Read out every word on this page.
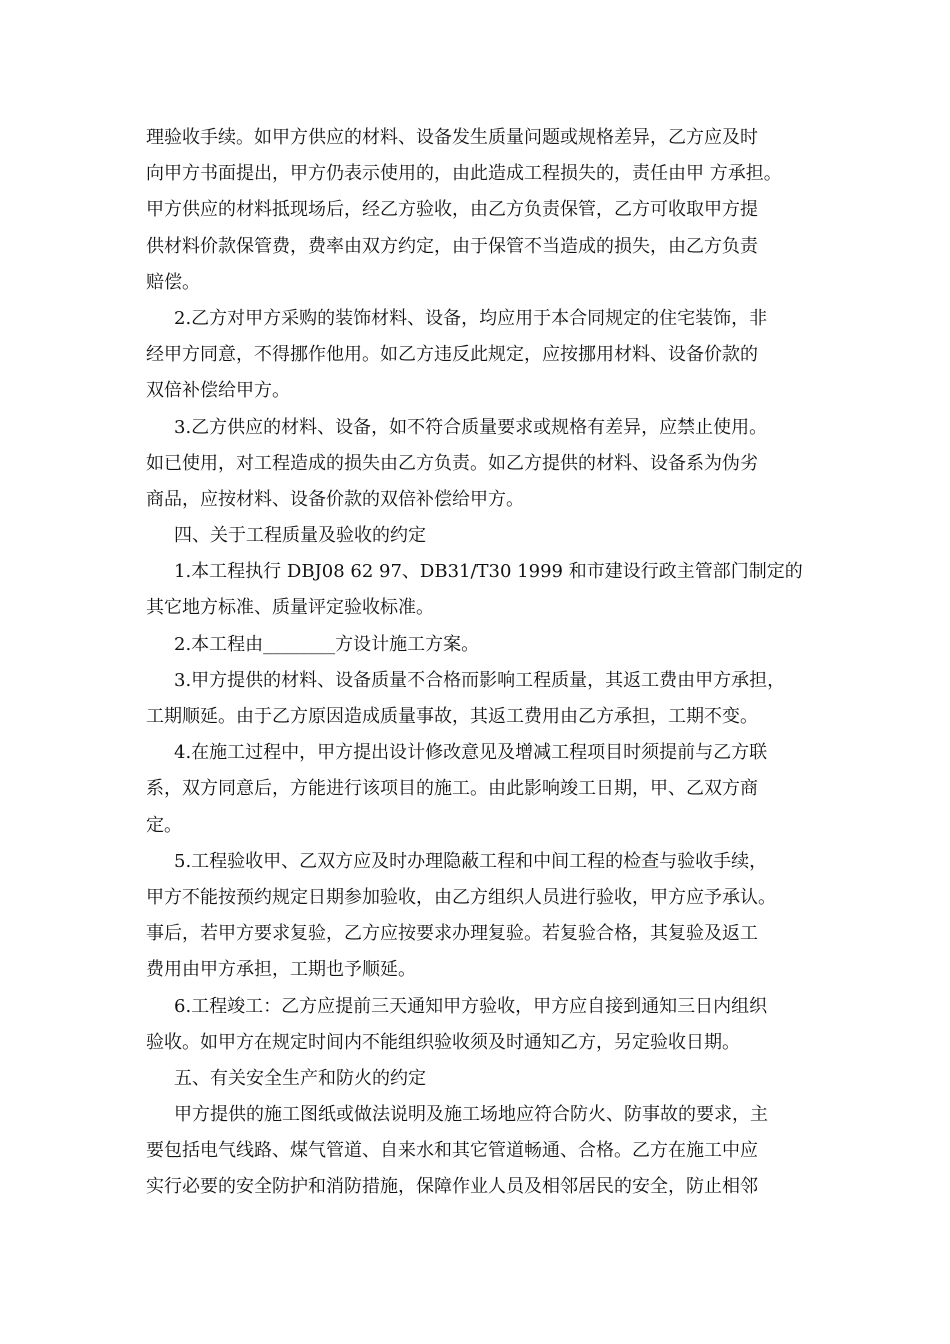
理验收手续。如甲方供应的材料、设备发生质量问题或规格差异，乙方应及时
向甲方书面提出，甲方仍表示使用的，由此造成工程损失的，责任由甲 方承担。
甲方供应的材料抵现场后，经乙方验收，由乙方负责保管，乙方可收取甲方提
供材料价款保管费，费率由双方约定，由于保管不当造成的损失，由乙方负责
赔偿。
2.乙方对甲方采购的装饰材料、设备，均应用于本合同规定的住宅装饰，非
经甲方同意，不得挪作他用。如乙方违反此规定，应按挪用材料、设备价款的
双倍补偿给甲方。
3.乙方供应的材料、设备，如不符合质量要求或规格有差异，应禁止使用。
如已使用，对工程造成的损失由乙方负责。如乙方提供的材料、设备系为伪劣
商品，应按材料、设备价款的双倍补偿给甲方。
四、关于工程质量及验收的约定
1.本工程执行 DBJ08 62 97、DB31/T30 1999 和市建设行政主管部门制定的
其它地方标准、质量评定验收标准。
2.本工程由________方设计施工方案。
3.甲方提供的材料、设备质量不合格而影响工程质量，其返工费由甲方承担，
工期顺延。由于乙方原因造成质量事故，其返工费用由乙方承担，工期不变。
4.在施工过程中，甲方提出设计修改意见及增减工程项目时须提前与乙方联
系，双方同意后，方能进行该项目的施工。由此影响竣工日期，甲、乙双方商
定。
5.工程验收甲、乙双方应及时办理隐蔽工程和中间工程的检查与验收手续，
甲方不能按预约规定日期参加验收，由乙方组织人员进行验收，甲方应予承认。
事后，若甲方要求复验，乙方应按要求办理复验。若复验合格，其复验及返工
费用由甲方承担，工期也予顺延。
6.工程竣工：乙方应提前三天通知甲方验收，甲方应自接到通知三日内组织
验收。如甲方在规定时间内不能组织验收须及时通知乙方，另定验收日期。
五、有关安全生产和防火的约定
甲方提供的施工图纸或做法说明及施工场地应符合防火、防事故的要求，主
要包括电气线路、煤气管道、自来水和其它管道畅通、合格。乙方在施工中应
实行必要的安全防护和消防措施，保障作业人员及相邻居民的安全，防止相邻
